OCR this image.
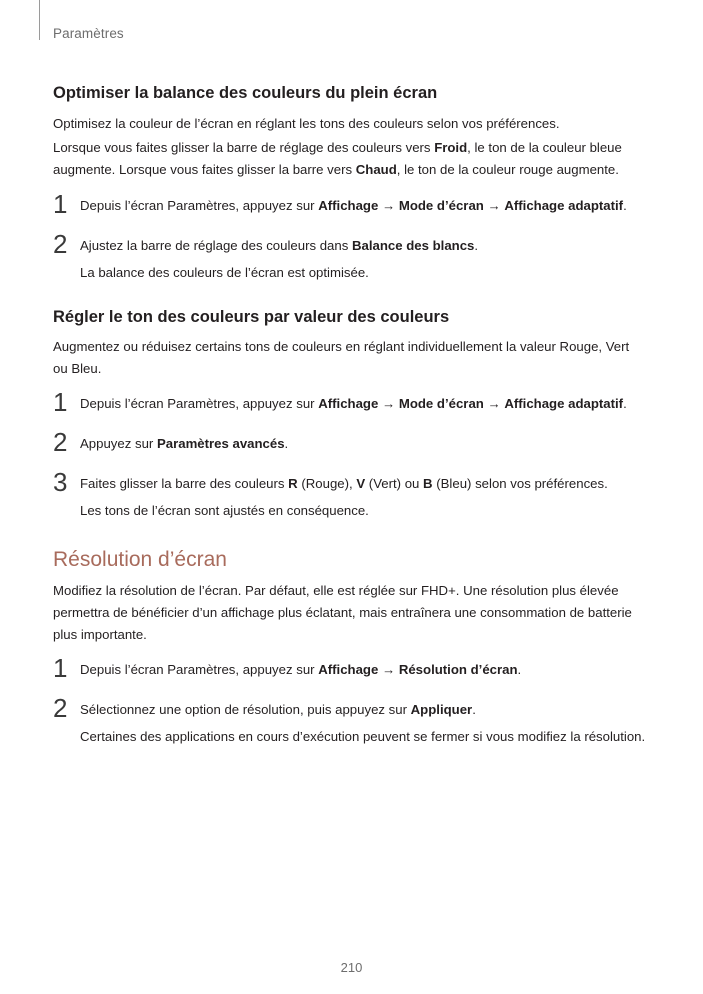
Paramètres
Optimiser la balance des couleurs du plein écran
Optimisez la couleur de l’écran en réglant les tons des couleurs selon vos préférences.
Lorsque vous faites glisser la barre de réglage des couleurs vers Froid, le ton de la couleur bleue augmente. Lorsque vous faites glisser la barre vers Chaud, le ton de la couleur rouge augmente.
1 Depuis l’écran Paramètres, appuyez sur Affichage → Mode d’écran → Affichage adaptatif.
2 Ajustez la barre de réglage des couleurs dans Balance des blancs.
La balance des couleurs de l’écran est optimisée.
Régler le ton des couleurs par valeur des couleurs
Augmentez ou réduisez certains tons de couleurs en réglant individuellement la valeur Rouge, Vert ou Bleu.
1 Depuis l’écran Paramètres, appuyez sur Affichage → Mode d’écran → Affichage adaptatif.
2 Appuyez sur Paramètres avancés.
3 Faites glisser la barre des couleurs R (Rouge), V (Vert) ou B (Bleu) selon vos préférences.
Les tons de l’écran sont ajustés en conséquence.
Résolution d’écran
Modifiez la résolution de l’écran. Par défaut, elle est réglée sur FHD+. Une résolution plus élevée permettra de bénéficier d’un affichage plus éclatant, mais entraînera une consommation de batterie plus importante.
1 Depuis l’écran Paramètres, appuyez sur Affichage → Résolution d’écran.
2 Sélectionnez une option de résolution, puis appuyez sur Appliquer.
Certaines des applications en cours d’exécution peuvent se fermer si vous modifiez la résolution.
210
